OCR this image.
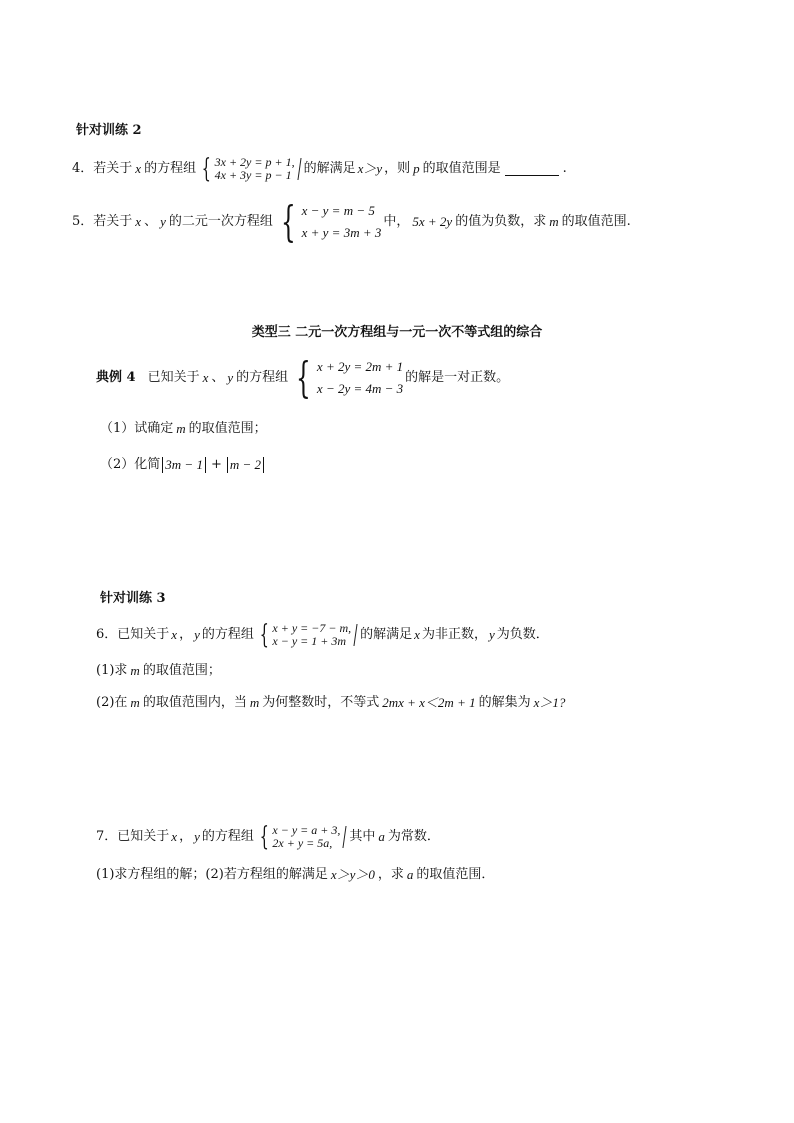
针对训练 2
4．若关于 x 的方程组 { 3x + 2y = p + 1,
4x + 3y = p − 1 的解满足 x＞y ，则 p 的取值范围是	.
5．若关于 x 、 y 的二元一次方程组 { x − y = m − 5
x + y = 3m + 3
中， 5x + 2y 的值为负数，求 m 的取值范围.
类型三 二元一次方程组与一元一次不等式组的综合
典例 4 已知关于 x 、 y 的方程组 { x + 2y = 2m + 1
x − 2y = 4m − 3
的解是一对正数。
（1）试确定 m 的取值范围；
（2）化简 3m − 1 + m − 2
针对训练 3
6．已知关于 x ， y 的方程组 { x + y = −7 − m,
x − y = 1 + 3m	的解满足 x 为非正数， y 为负数．
(1)求 m 的取值范围；
(2)在 m 的取值范围内，当 m 为何整数时，不等式 2mx + x＜2m + 1 的解集为 x＞1?
7．已知关于 x ， y 的方程组 { x − y = a + 3,
2x + y = 5a,	其中 a 为常数．
(1)求方程组的解；(2)若方程组的解满足 x＞y＞0 ，求 a 的取值范围．
